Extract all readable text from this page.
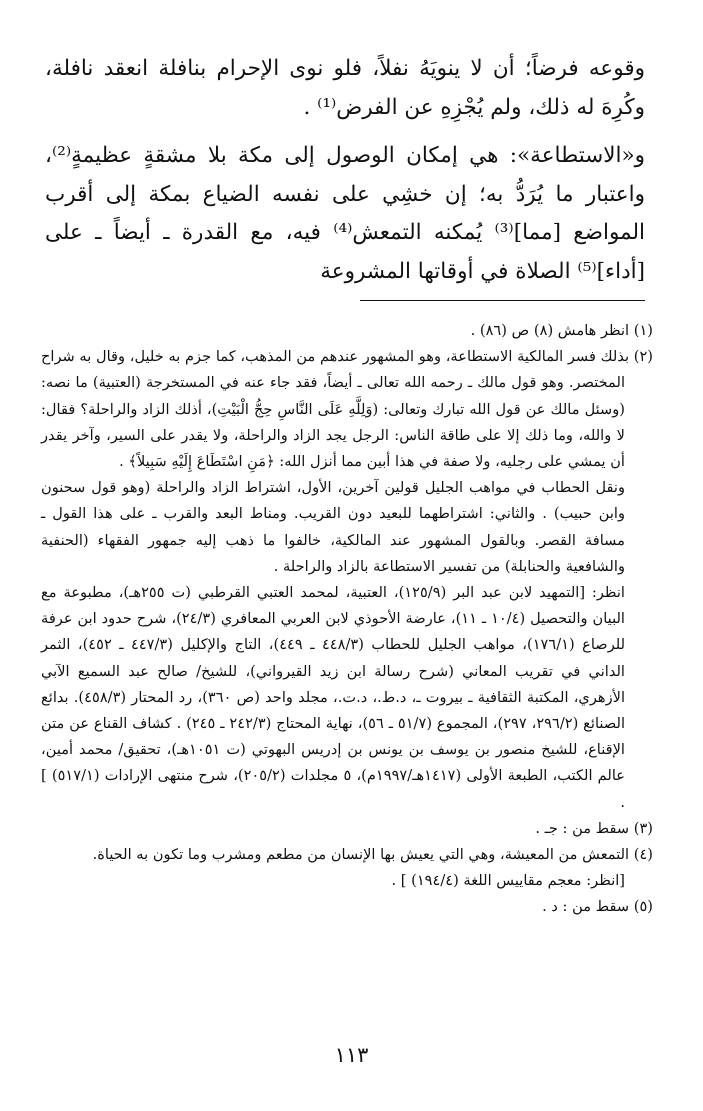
وقوعه فرضاً؛ أن لا ينويَهُ نفلاً، فلو نوى الإحرام بنافلة انعقد نافلة، وكُرِهَ له ذلك، ولم يُجْزِهِ عن الفرض⁽¹⁾ .

و«الاستطاعة»: هي إمكان الوصول إلى مكة بلا مشقةٍ عظيمةٍ⁽²⁾، واعتبار ما يُرَدُّ به؛ إن خشِي على نفسه الضياع بمكة إلى أقرب المواضع [مما]⁽³⁾ يُمكنه التمعش⁽⁴⁾ فيه، مع القدرة ـ أيضاً ـ على [أداء]⁽⁵⁾ الصلاة في أوقاتها المشروعة

(١) انظر هامش (٨) ص (٨٦) .

(٢) بذلك فسر المالكية الاستطاعة، وهو المشهور عندهم من المذهب، كما جزم به خليل، وقال به شراح المختصر. وهو قول مالك ـ رحمه الله تعالى ـ أيضاً، فقد جاء عنه في المستخرجة (العتبية) ما نصه: (وسئل مالك عن قول الله تبارك وتعالى: (وَلِلَّهِ عَلَى النَّاسِ حِجُّ الْبَيْتِ)، أذلك الزاد والراحلة؟ فقال: لا والله، وما ذلك إلا على طاقة الناس: الرجل يجد الزاد والراحلة، ولا يقدر على السير، وآخر يقدر أن يمشي على رجليه، ولا صفة في هذا أبين مما أنزل الله: ﴿مَنِ اسْتَطَاعَ إِلَيْهِ سَبِيلاً﴾ .

ونقل الحطاب في مواهب الجليل قولين آخرين، الأول، اشتراط الزاد والراحلة (وهو قول سحنون وابن حبيب) . والثاني: اشتراطهما للبعيد دون القريب. ومناط البعد والقرب ـ على هذا القول ـ مسافة القصر. وبالقول المشهور عند المالكية، خالفوا ما ذهب إليه جمهور الفقهاء (الحنفية والشافعية والحنابلة) من تفسير الاستطاعة بالزاد والراحلة .

انظر: [التمهيد لابن عبد البر (١٢٥/٩)، العتبية، لمحمد العتبي القرطبي (ت ٢٥٥هـ)، مطبوعة مع البيان والتحصيل (١٠/٤ ـ ١١)، عارضة الأحوذي لابن العربي المعافري (٢٤/٣)، شرح حدود ابن عرفة للرصاع (١٧٦/١)، مواهب الجليل للحطاب (٤٤٨/٣ ـ ٤٤٩)، التاج والإكليل (٤٤٧/٣ ـ ٤٥٢)، الثمر الداني في تقريب المعاني (شرح رسالة ابن زيد القيرواني)، للشيخ/ صالح عبد السميع الآبي الأزهري، المكتبة الثقافية ـ بيروت ـ، د.ط.، د.ت.، مجلد واحد (ص ٣٦٠)، رد المحتار (٤٥٨/٣). بدائع الصنائع (٢٩٦/٢، ٢٩٧)، المجموع (٥١/٧ ـ ٥٦)، نهاية المحتاج (٢٤٢/٣ ـ ٢٤٥) . كشاف القناع عن متن الإقناع، للشيخ منصور بن يوسف بن يونس بن إدريس البهوتي (ت ١٠٥١هـ)، تحقيق/ محمد أمين، عالم الكتب، الطبعة الأولى (١٤١٧هـ/١٩٩٧م)، ٥ مجلدات (٢٠٥/٢)، شرح منتهى الإرادات (٥١٧/١) ] .

(٣) سقط من : جـ .

(٤) التمعش من المعيشة، وهي التي يعيش بها الإنسان من مطعم ومشرب وما تكون به الحياة.

[انظر: معجم مقاييس اللغة (١٩٤/٤) ] .

(٥) سقط من : د .

١١٣
